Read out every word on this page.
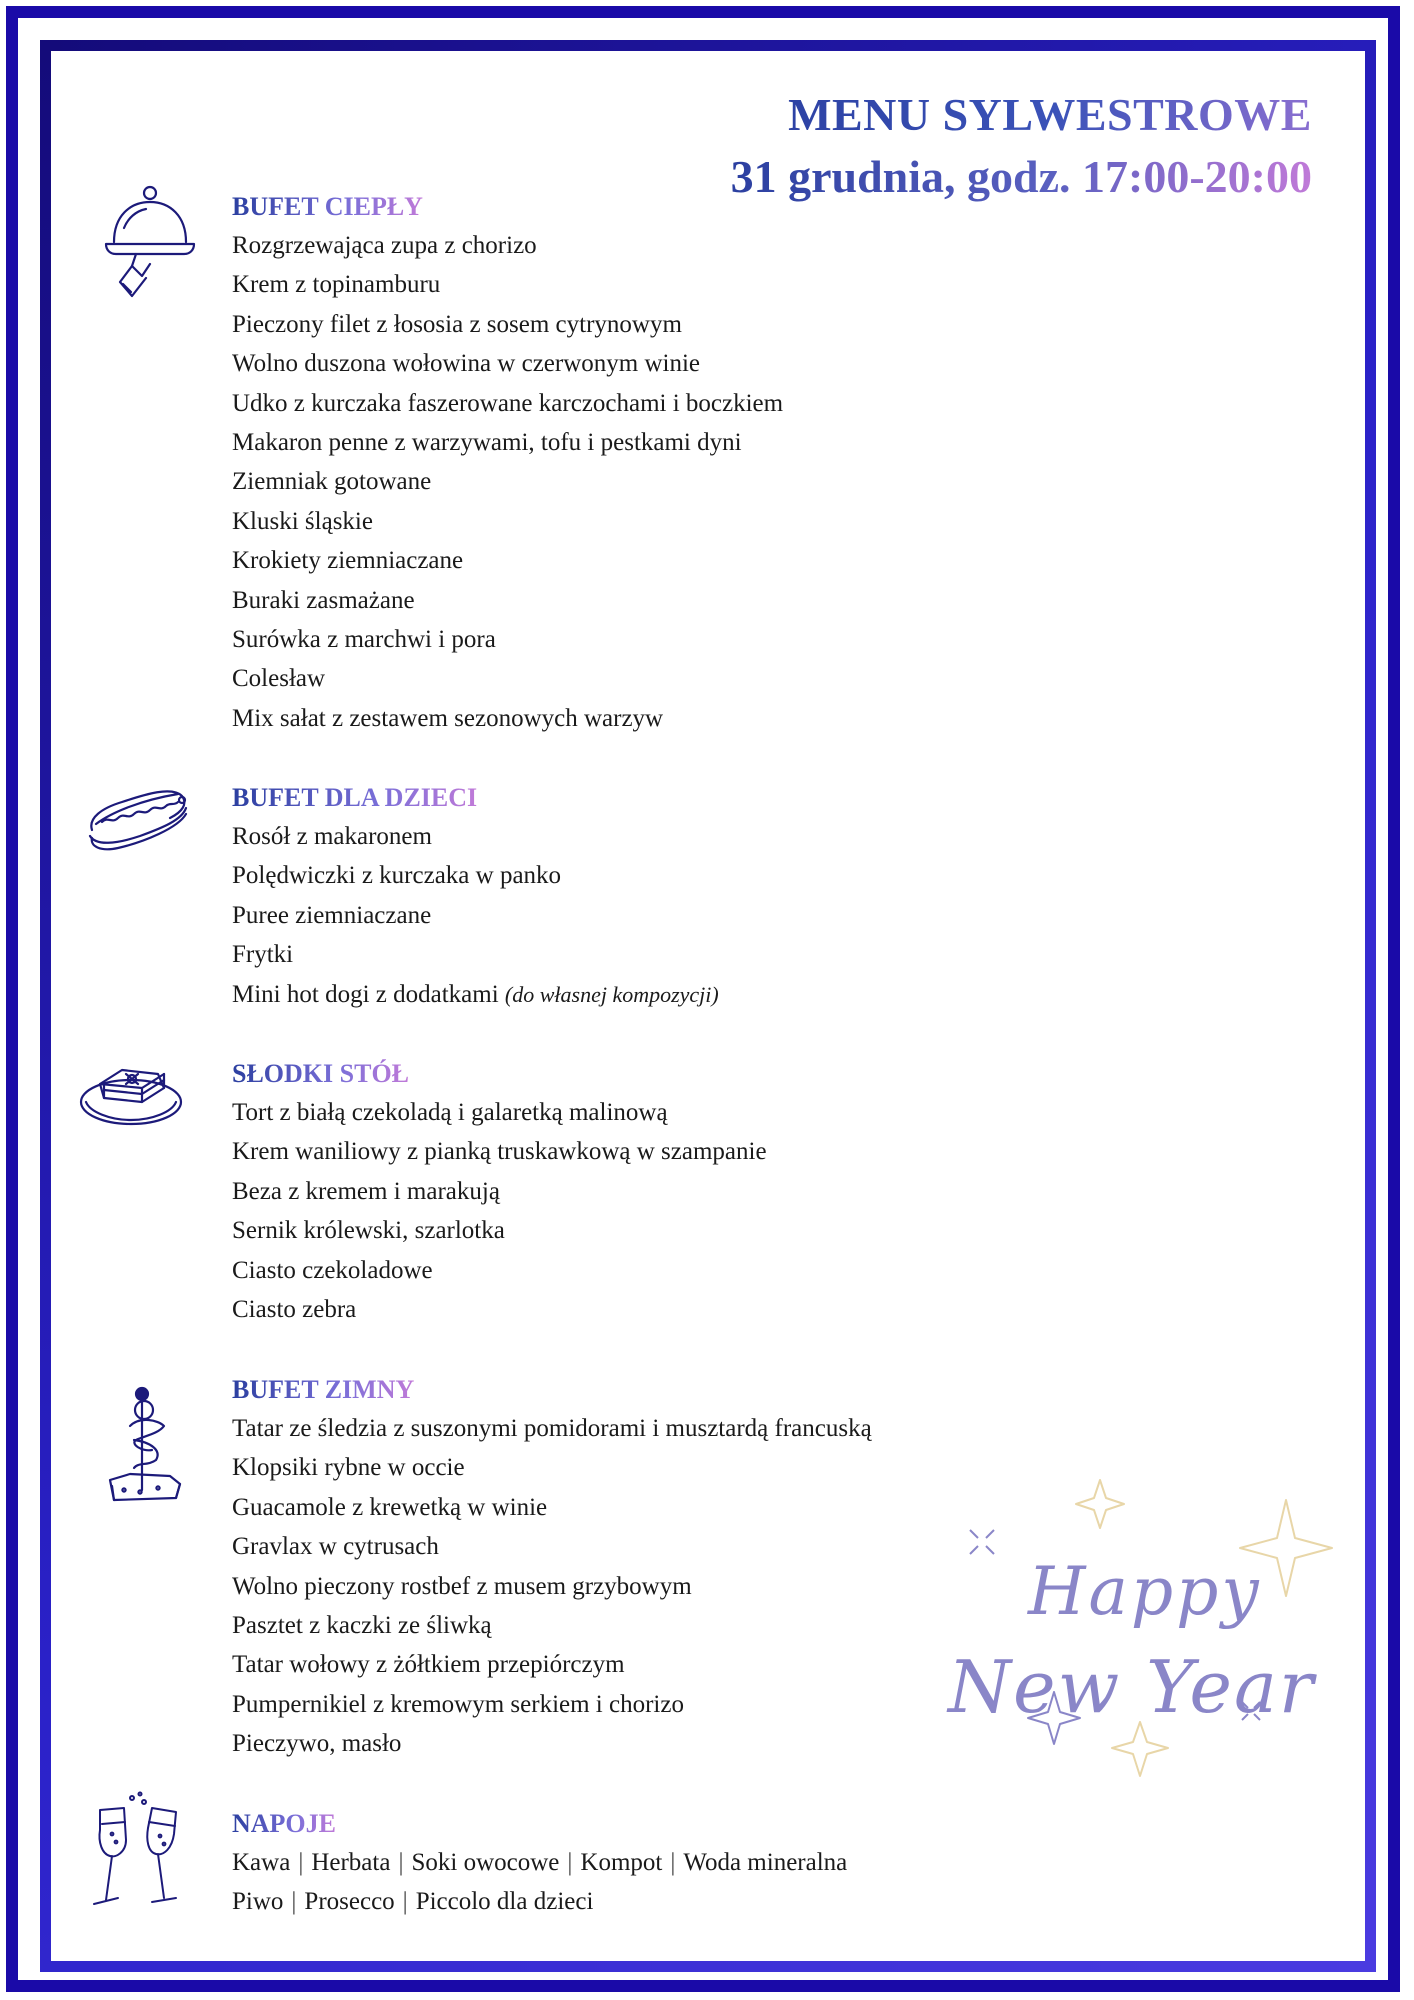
MENU SYLWESTROWE
31 grudnia, godz. 17:00-20:00
BUFET CIEPŁY
Rozgrzewająca zupa z chorizo
Krem z topinamburu
Pieczony filet z łososia z sosem cytrynowym
Wolno duszona wołowina w czerwonym winie
Udko z kurczaka faszerowane karczochami i boczkiem
Makaron penne z warzywami, tofu i pestkami dyni
Ziemniak gotowane
Kluski śląskie
Krokiety ziemniaczane
Buraki zasmażane
Surówka z marchwi i pora
Colesław
Mix sałat z zestawem sezonowych warzyw
BUFET DLA DZIECI
Rosół z makaronem
Polędwiczki z kurczaka w panko
Puree ziemniaczane
Frytki
Mini hot dogi z dodatkami (do własnej kompozycji)
SŁODKI STÓŁ
Tort z białą czekoladą i galaretką malinową
Krem waniliowy z pianką truskawkową w szampanie
Beza z kremem i marakują
Sernik królewski, szarlotka
Ciasto czekoladowe
Ciasto zebra
BUFET ZIMNY
Tatar ze śledzia z suszonymi pomidorami i musztardą francuską
Klopsiki rybne w occie
Guacamole z krewetką w winie
Gravlax w cytrusach
Wolno pieczony rostbef z musem grzybowym
Pasztet z kaczki ze śliwką
Tatar wołowy z żółtkiem przepiórczym
Pumpernikiel z kremowym serkiem i chorizo
Pieczywo, masło
NAPOJE
Kawa | Herbata | Soki owocowe | Kompot | Woda mineralna
Piwo | Prosecco | Piccolo dla dzieci
Happy
New Year
